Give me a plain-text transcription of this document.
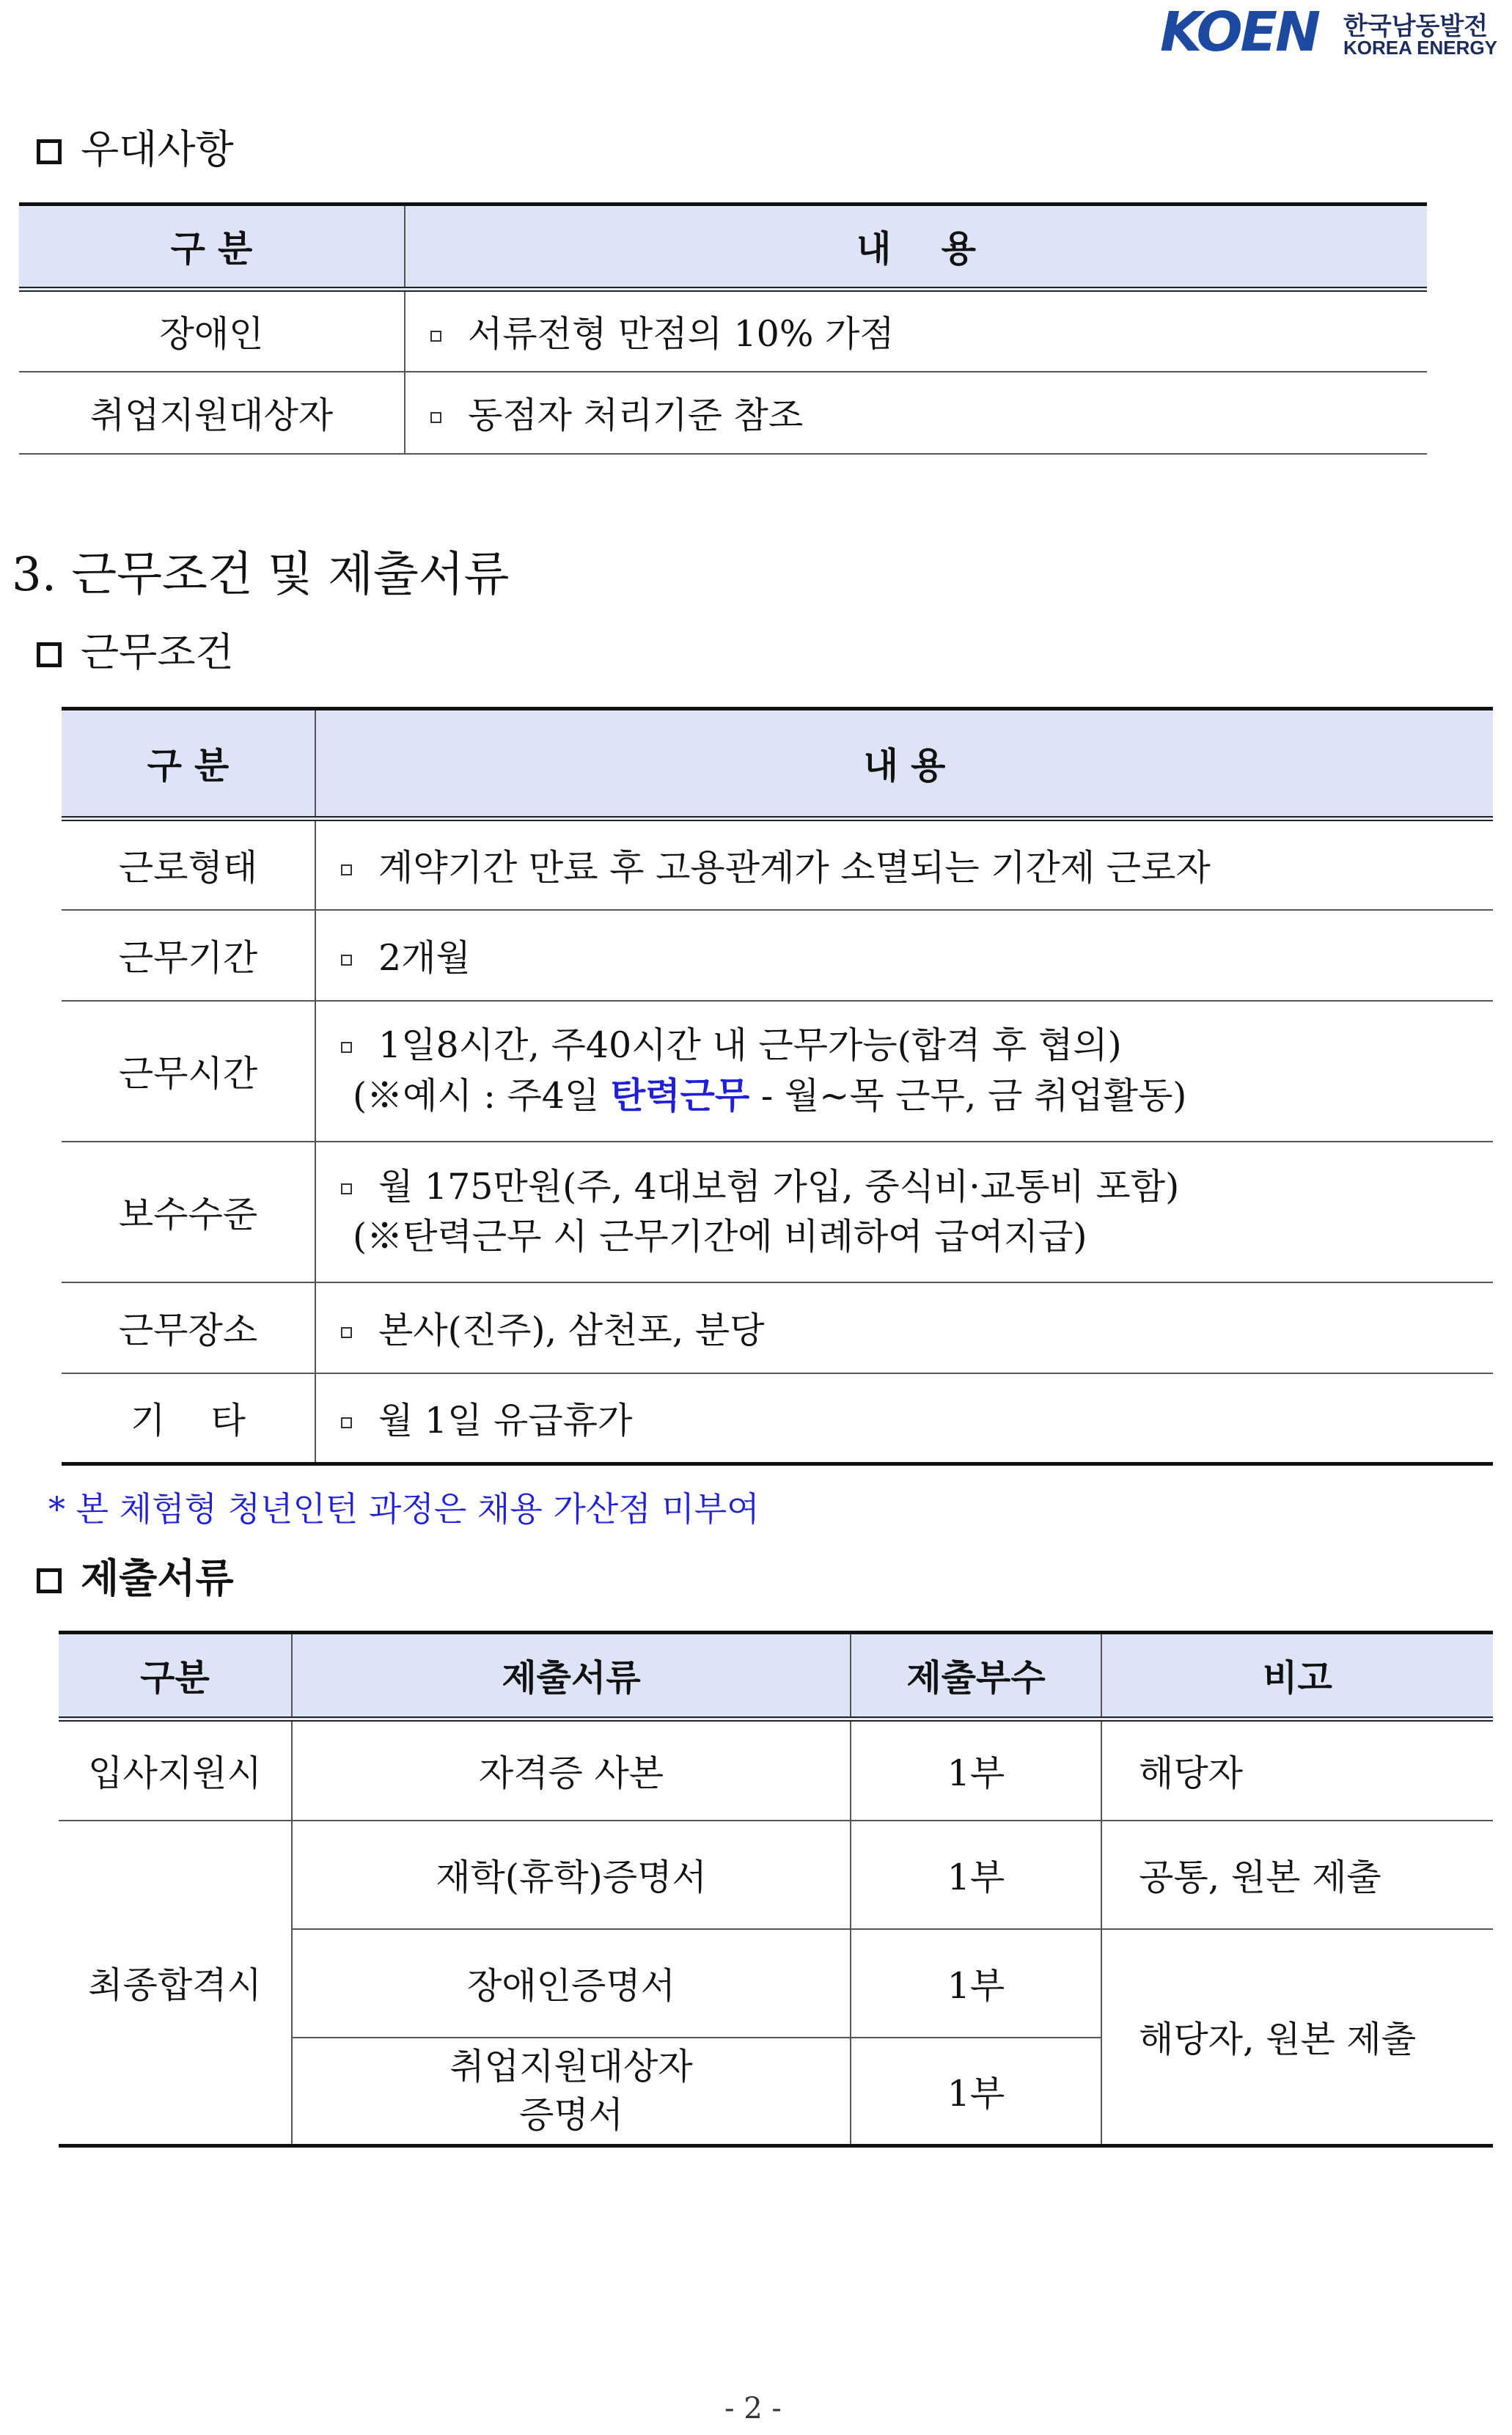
KOEN 한국남동발전
KOREA ENERGY
우대사항
구 분	내    용
장애인	서류전형 만점의 10% 가점
취업지원대상자	동점자 처리기준 참조
3. 근무조건 및 제출서류
근무조건
구 분	내 용
근로형태	계약기간 만료 후 고용관계가 소멸되는 기간제 근로자
근무기간	2개월
근무시간	1일8시간, 주40시간 내 근무가능(합격 후 협의)
(※예시 : 주4일 탄력근무 - 월~목 근무, 금 취업활동)

보수수준	월 175만원(주, 4대보험 가입, 중식비·교통비 포함)
(※탄력근무 시 근무기간에 비례하여 급여지급)

근무장소	본사(진주), 삼천포, 분당
기    타	월 1일 유급휴가
* 본 체험형 청년인턴 과정은 채용 가산점 미부여
제출서류
구분	제출서류	제출부수	비고
입사지원시	자격증 사본	1부	해당자
최종합격시	재학(휴학)증명서	1부	공통, 원본 제출
	장애인증명서	1부	해당자, 원본 제출

	취업지원대상자
증명서	1부	
- 2 -
